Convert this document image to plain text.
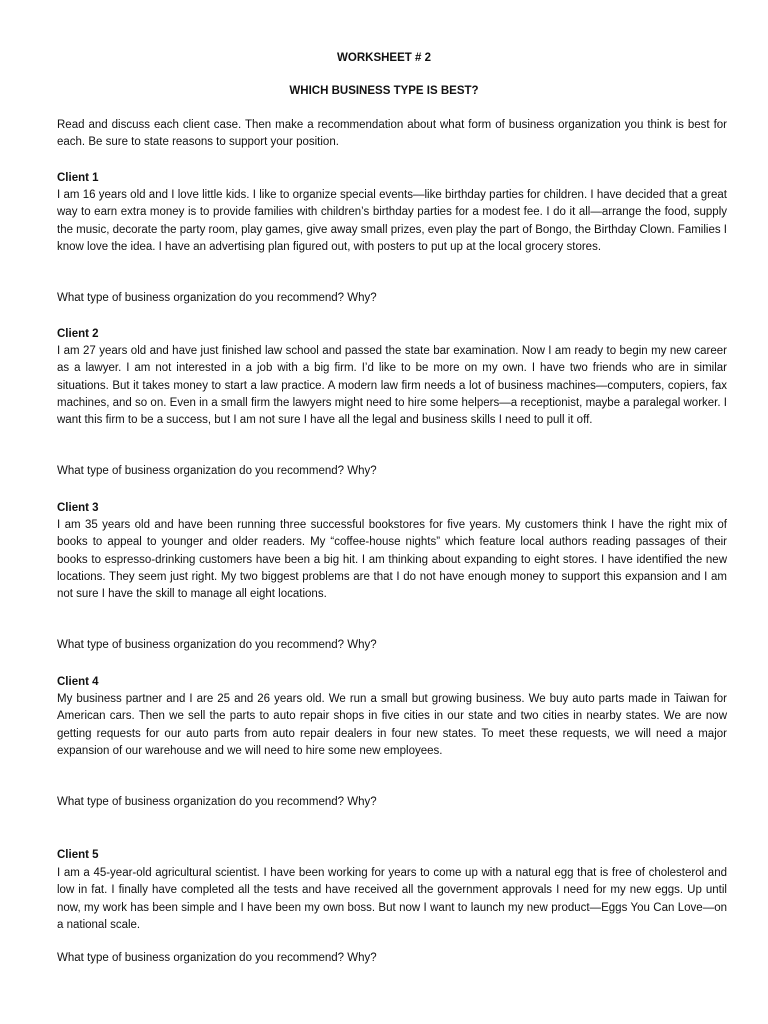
WORKSHEET # 2
WHICH BUSINESS TYPE IS BEST?

Read and discuss each client case. Then make a recommendation about what form of business organization you think is best for each. Be sure to state reasons to support your position.

Client 1

I am 16 years old and I love little kids. I like to organize special events—like birthday parties for children. I have decided that a great way to earn extra money is to provide families with children’s birthday parties for a modest fee. I do it all—arrange the food, supply the music, decorate the party room, play games, give away small prizes, even play the part of Bongo, the Birthday Clown. Families I know love the idea. I have an advertising plan figured out, with posters to put up at the local grocery stores.

What type of business organization do you recommend? Why?
Client 2

I am 27 years old and have just finished law school and passed the state bar examination. Now I am ready to begin my new career as a lawyer. I am not interested in a job with a big firm. I’d like to be more on my own. I have two friends who are in similar situations. But it takes money to start a law practice. A modern law firm needs a lot of business machines—computers, copiers, fax machines, and so on. Even in a small firm the lawyers might need to hire some helpers—a receptionist, maybe a paralegal worker. I want this firm to be a success, but I am not sure I have all the legal and business skills I need to pull it off.

What type of business organization do you recommend? Why?
Client 3

I am 35 years old and have been running three successful bookstores for five years. My customers think I have the right mix of books to appeal to younger and older readers. My “coffee-house nights” which feature local authors reading passages of their books to espresso-drinking customers have been a big hit. I am thinking about expanding to eight stores. I have identified the new locations. They seem just right. My two biggest problems are that I do not have enough money to support this expansion and I am not sure I have the skill to manage all eight locations.

What type of business organization do you recommend? Why?
Client 4

My business partner and I are 25 and 26 years old. We run a small but growing business. We buy auto parts made in Taiwan for American cars. Then we sell the parts to auto repair shops in five cities in our state and two cities in nearby states. We are now getting requests for our auto parts from auto repair dealers in four new states. To meet these requests, we will need a major expansion of our warehouse and we will need to hire some new employees.

What type of business organization do you recommend? Why?
Client 5

I am a 45-year-old agricultural scientist. I have been working for years to come up with a natural egg that is free of cholesterol and low in fat. I finally have completed all the tests and have received all the government approvals I need for my new eggs. Up until now, my work has been simple and I have been my own boss. But now I want to launch my new product—Eggs You Can Love—on a national scale.

What type of business organization do you recommend? Why?
